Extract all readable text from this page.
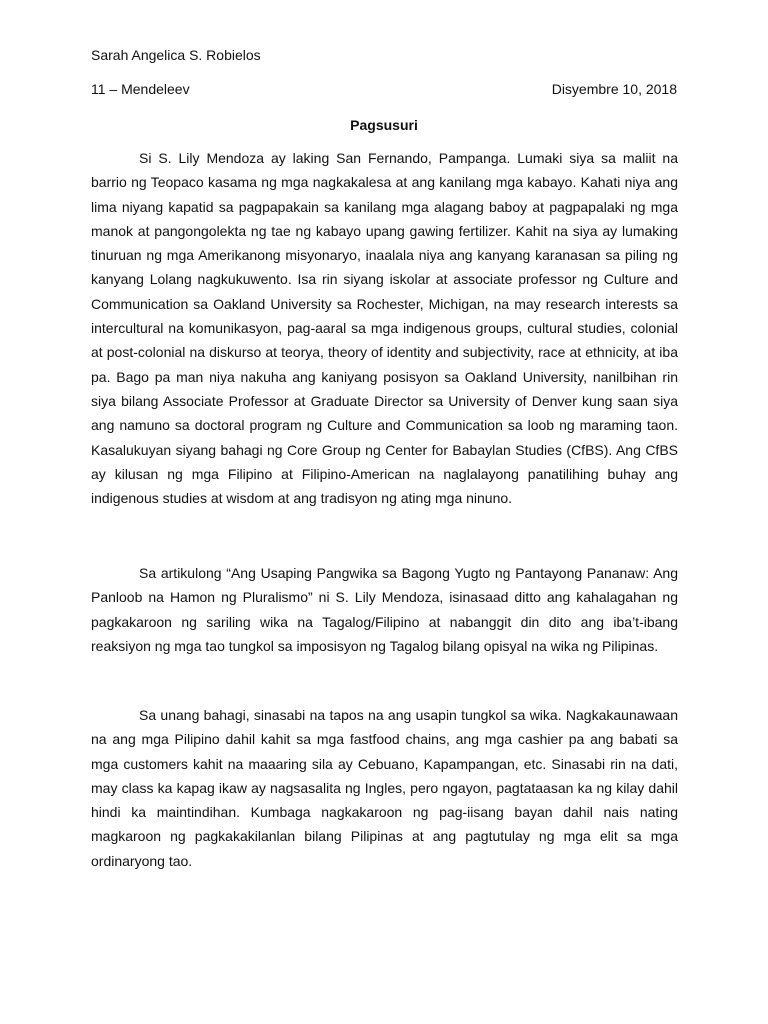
Sarah Angelica S. Robielos
11 – Mendeleev	Disyembre 10, 2018
Pagsusuri

Si S. Lily Mendoza ay laking San Fernando, Pampanga. Lumaki siya sa maliit na barrio ng Teopaco kasama ng mga nagkakalesa at ang kanilang mga kabayo. Kahati niya ang lima niyang kapatid sa pagpapakain sa kanilang mga alagang baboy at pagpapalaki ng mga manok at pangongolekta ng tae ng kabayo upang gawing fertilizer. Kahit na siya ay lumaking tinuruan ng mga Amerikanong misyonaryo, inaalala niya ang kanyang karanasan sa piling ng kanyang Lolang nagkukuwento. Isa rin siyang iskolar at associate professor ng Culture and Communication sa Oakland University sa Rochester, Michigan, na may research interests sa intercultural na komunikasyon, pag-aaral sa mga indigenous groups, cultural studies, colonial at post-colonial na diskurso at teorya, theory of identity and subjectivity, race at ethnicity, at iba pa. Bago pa man niya nakuha ang kaniyang posisyon sa Oakland University, nanilbihan rin siya bilang Associate Professor at Graduate Director sa University of Denver kung saan siya ang namuno sa doctoral program ng Culture and Communication sa loob ng maraming taon. Kasalukuyan siyang bahagi ng Core Group ng Center for Babaylan Studies (CfBS). Ang CfBS ay kilusan ng mga Filipino at Filipino-American na naglalayong panatilihing buhay ang indigenous studies at wisdom at ang tradisyon ng ating mga ninuno.

Sa artikulong “Ang Usaping Pangwika sa Bagong Yugto ng Pantayong Pananaw: Ang Panloob na Hamon ng Pluralismo” ni S. Lily Mendoza, isinasaad ditto ang kahalagahan ng pagkakaroon ng sariling wika na Tagalog/Filipino at nabanggit din dito ang iba’t-ibang reaksiyon ng mga tao tungkol sa imposisyon ng Tagalog bilang opisyal na wika ng Pilipinas.

Sa unang bahagi, sinasabi na tapos na ang usapin tungkol sa wika. Nagkakaunawaan na ang mga Pilipino dahil kahit sa mga fastfood chains, ang mga cashier pa ang babati sa mga customers kahit na maaaring sila ay Cebuano, Kapampangan, etc. Sinasabi rin na dati, may class ka kapag ikaw ay nagsasalita ng Ingles, pero ngayon, pagtataasan ka ng kilay dahil hindi ka maintindihan. Kumbaga nagkakaroon ng pag-iisang bayan dahil nais nating magkaroon ng pagkakakilanlan bilang Pilipinas at ang pagtutulay ng mga elit sa mga ordinaryong tao.
